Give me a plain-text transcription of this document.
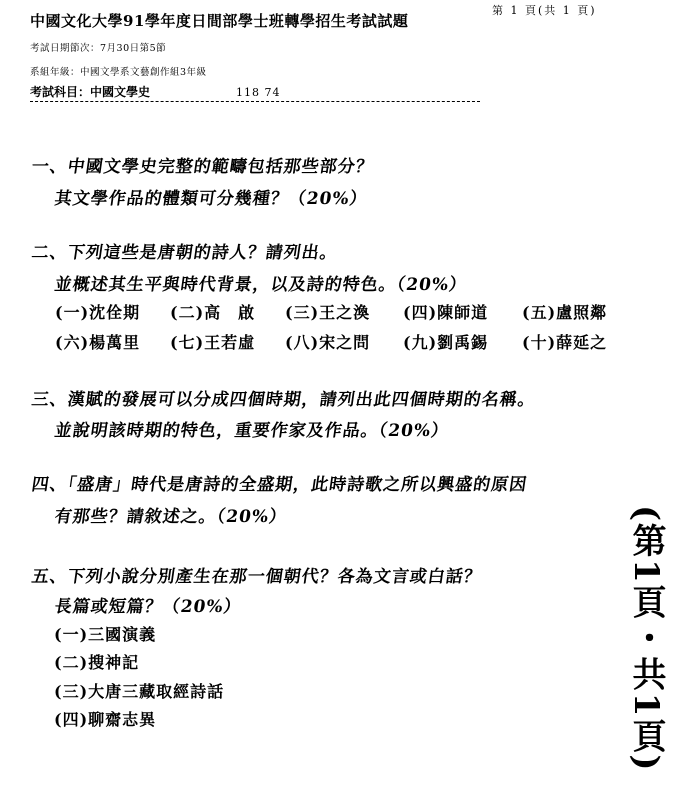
中國文化大學91學年度日間部學士班轉學招生考試試題
第 1 頁(共 1 頁)
考試日期節次：7月30日第5節
系組年級：中國文學系文藝創作組3年級
考試科目：中國文學史	118 74
一、中國文學史完整的範疇包括那些部分？
其文學作品的體類可分幾種？（20%）
二、下列這些是唐朝的詩人？請列出。
並概述其生平與時代背景，以及詩的特色。（20%）
(一)沈佺期 (二)高　啟 (三)王之渙 (四)陳師道 (五)盧照鄰
(六)楊萬里 (七)王若虛 (八)宋之問 (九)劉禹錫 (十)薛延之
三、漢賦的發展可以分成四個時期，請列出此四個時期的名稱。
並說明該時期的特色，重要作家及作品。（20%）
四、「盛唐」時代是唐詩的全盛期，此時詩歌之所以興盛的原因
有那些？請敘述之。（20%）
五、下列小說分別產生在那一個朝代？各為文言或白話？
長篇或短篇？（20%）
(一)三國演義
(二)搜神記
(三)大唐三藏取經詩話
(四)聊齋志異	(第1頁・共1頁)
